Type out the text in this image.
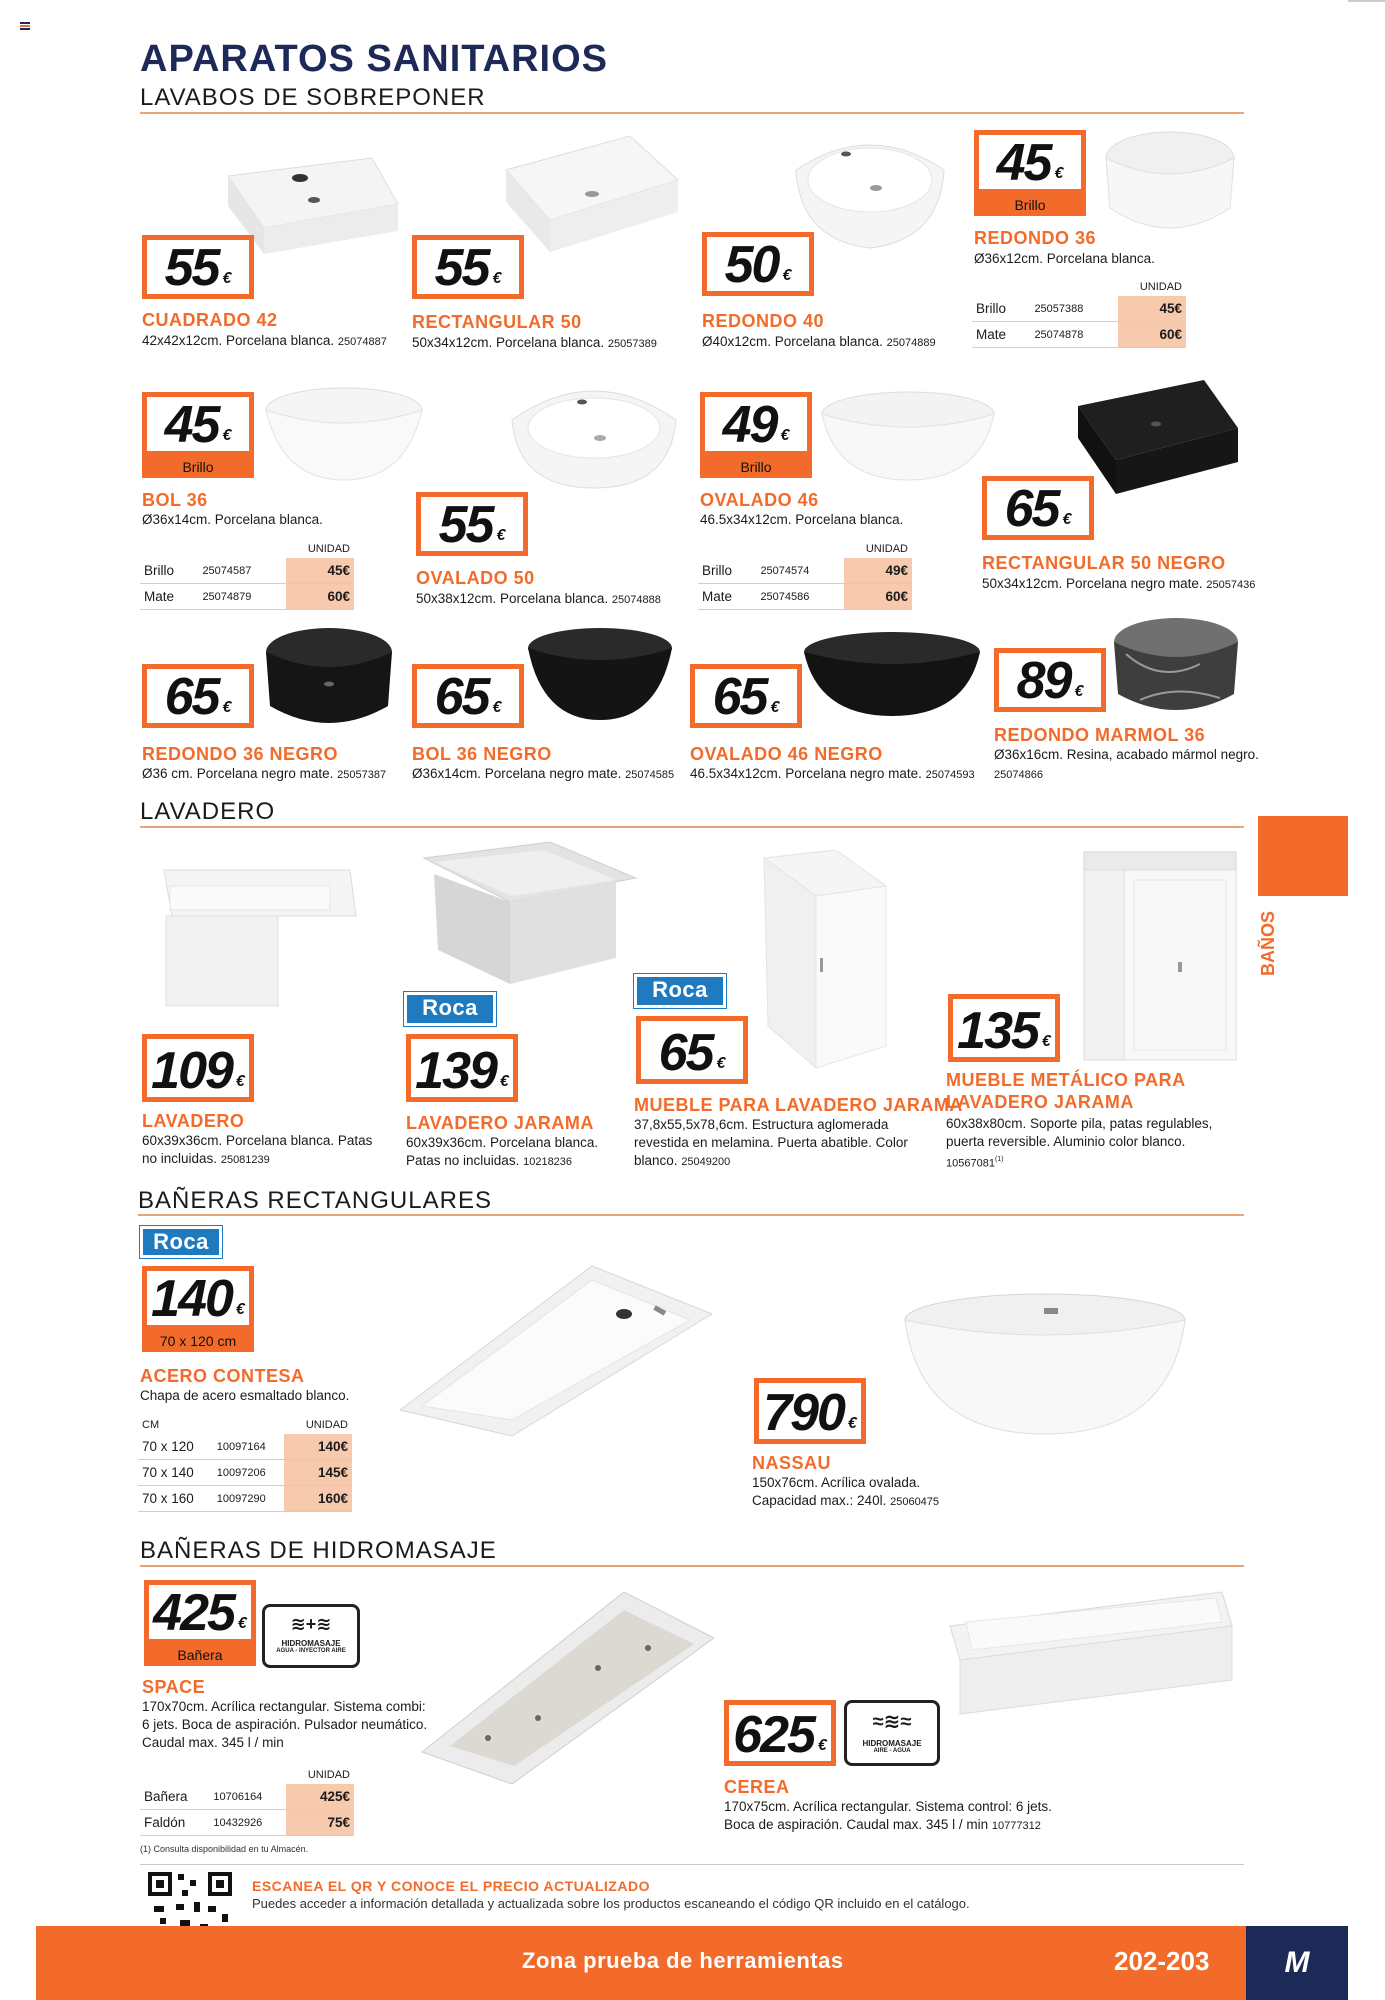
APARATOS SANITARIOS
LAVABOS DE SOBREPONER
55 €
CUADRADO 42
42x42x12cm. Porcelana blanca. 25074887
55 €
RECTANGULAR 50
50x34x12cm. Porcelana blanca. 25057389
50 €
REDONDO 40
Ø40x12cm. Porcelana blanca. 25074889
45 €
Brillo
REDONDO 36
Ø36x12cm. Porcelana blanca.
		UNIDAD
Brillo	25057388	45€
Mate	25074878	60€
45 €
Brillo
BOL 36
Ø36x14cm. Porcelana blanca.
		UNIDAD
Brillo	25074587	45€
Mate	25074879	60€
55 €
OVALADO 50
50x38x12cm. Porcelana blanca. 25074888
49 €
Brillo
OVALADO 46
46.5x34x12cm. Porcelana blanca.
		UNIDAD
Brillo	25074574	49€
Mate	25074586	60€
65 €
RECTANGULAR 50 NEGRO
50x34x12cm. Porcelana negro mate. 25057436
65 €
REDONDO 36 NEGRO
Ø36 cm. Porcelana negro mate. 25057387
65 €
BOL 36 NEGRO
Ø36x14cm. Porcelana negro mate. 25074585
65 €
OVALADO 46 NEGRO
46.5x34x12cm. Porcelana negro mate. 25074593
89 €
REDONDO MARMOL 36
Ø36x16cm. Resina, acabado mármol negro.
25074866
LAVADERO
BAÑOS
109 €
LAVADERO
60x39x36cm. Porcelana blanca. Patas
no incluidas. 25081239
Roca
139 €
LAVADERO JARAMA
60x39x36cm. Porcelana blanca.
Patas no incluidas. 10218236
Roca
65 €
MUEBLE PARA LAVADERO JARAMA
37,8x55,5x78,6cm. Estructura aglomerada
revestida en melamina. Puerta abatible. Color
blanco. 25049200
135 €
MUEBLE METÁLICO PARA
LAVADERO JARAMA
60x38x80cm. Soporte pila, patas regulables,
puerta reversible. Aluminio color blanco.
10567081$^{(1)}$
BAÑERAS RECTANGULARES
Roca
140 €
70 x 120 cm
ACERO CONTESA
Chapa de acero esmaltado blanco.
CM		UNIDAD
70 x 120	10097164	140€
70 x 140	10097206	145€
70 x 160	10097290	160€
790 €
NASSAU
150x76cm. Acrílica ovalada.
Capacidad max.: 240l. 25060475
BAÑERAS DE HIDROMASAJE
425 €
Bañera
≋+≋
HIDROMASAJE
AGUA - INYECTOR AIRE
SPACE
170x70cm. Acrílica rectangular. Sistema combi:
6 jets. Boca de aspiración. Pulsador neumático.
Caudal max. 345 l / min
		UNIDAD
Bañera	10706164	425€
Faldón	10432926	75€
(1) Consulta disponibilidad en tu Almacén.
625 €
≈≋≈
HIDROMASAJE
AIRE - AGUA
CEREA
170x75cm. Acrílica rectangular. Sistema control: 6 jets.
Boca de aspiración. Caudal max. 345 l / min 10777312
ESCANEA EL QR Y CONOCE EL PRECIO ACTUALIZADO
Puedes acceder a información detallada y actualizada sobre los productos escaneando el código QR incluido en el catálogo.
Zona prueba de herramientas	202-203	M
